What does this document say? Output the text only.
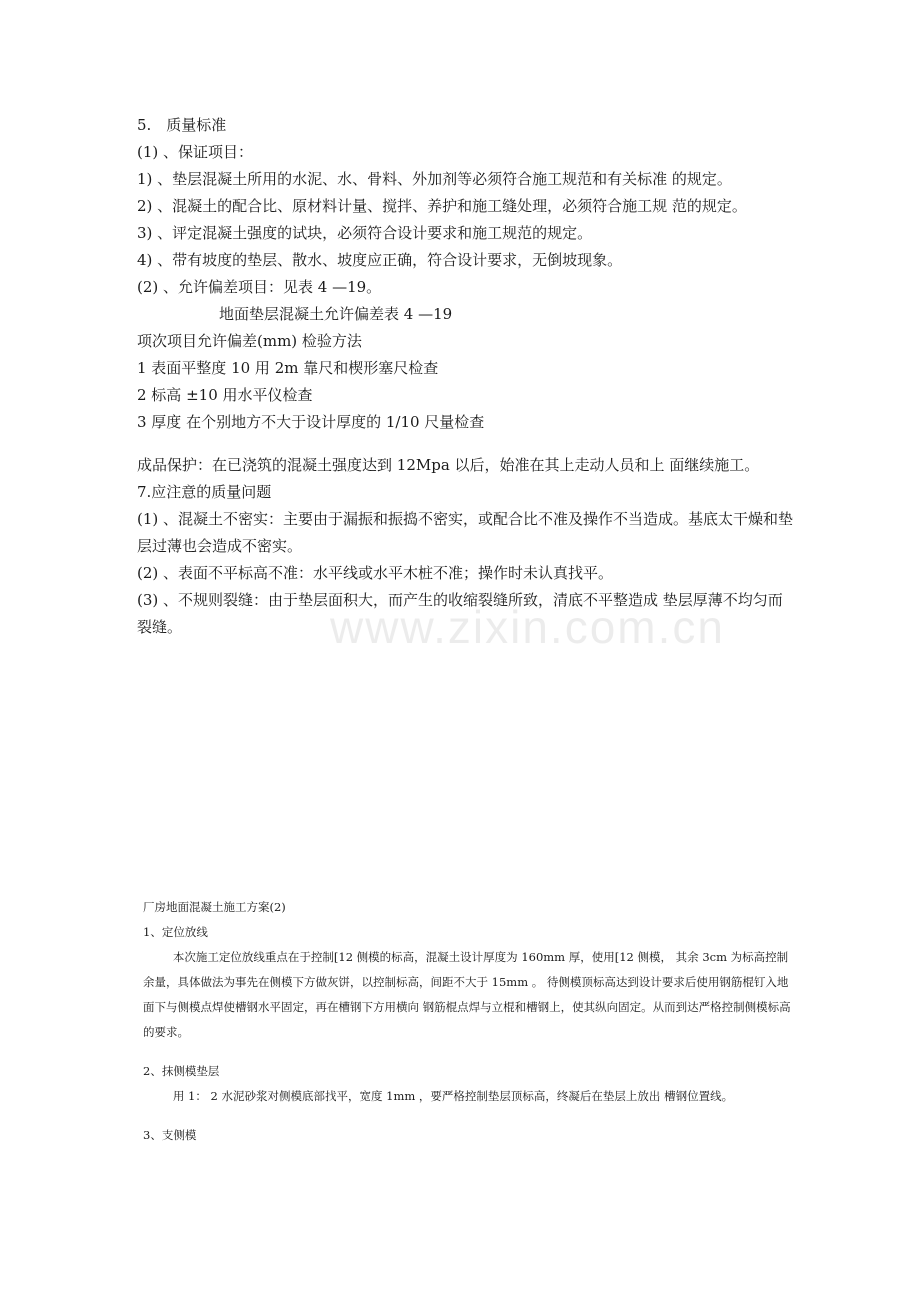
www.zixin.com.cn

5.　质量标准

(1) 、保证项目：

1) 、垫层混凝土所用的水泥、水、骨料、外加剂等必须符合施工规范和有关标准 的规定。

2) 、混凝土的配合比、原材料计量、搅拌、养护和施工缝处理，必须符合施工规 范的规定。

3) 、评定混凝土强度的试块，必须符合设计要求和施工规范的规定。

4) 、带有坡度的垫层、散水、坡度应正确，符合设计要求，无倒坡现象。

(2) 、允许偏差项目：见表 4 —19。

地面垫层混凝土允许偏差表 4 —19

项次项目允许偏差(mm) 检验方法

1 表面平整度 10 用 2m 靠尺和楔形塞尺检查

2 标高 ±10 用水平仪检查

3 厚度 在个别地方不大于设计厚度的 1/10 尺量检查

成品保护：在已浇筑的混凝土强度达到 12Mpa 以后，始准在其上走动人员和上 面继续施工。

7.应注意的质量问题

(1) 、混凝土不密实：主要由于漏振和振捣不密实，或配合比不准及操作不当造成。基底太干燥和垫层过薄也会造成不密实。

(2) 、表面不平标高不准：水平线或水平木桩不准；操作时未认真找平。

(3) 、不规则裂缝：由于垫层面积大，而产生的收缩裂缝所致，清底不平整造成 垫层厚薄不均匀而裂缝。

厂房地面混凝土施工方案(2)

1、定位放线

本次施工定位放线重点在于控制[12 侧模的标高，混凝土设计厚度为 160mm 厚，使用[12 侧模， 其余 3cm 为标高控制余量，具体做法为事先在侧模下方做灰饼，以控制标高，间距不大于 15mm 。 待侧模顶标高达到设计要求后使用钢筋棍钉入地面下与侧模点焊使槽钢水平固定，再在槽钢下方用横向 钢筋棍点焊与立棍和槽钢上，使其纵向固定。从而到达严格控制侧模标高的要求。

2、抹侧模垫层

用 1： 2 水泥砂浆对侧模底部找平，宽度 1mm ，要严格控制垫层顶标高，终凝后在垫层上放出 槽钢位置线。

3、支侧模
